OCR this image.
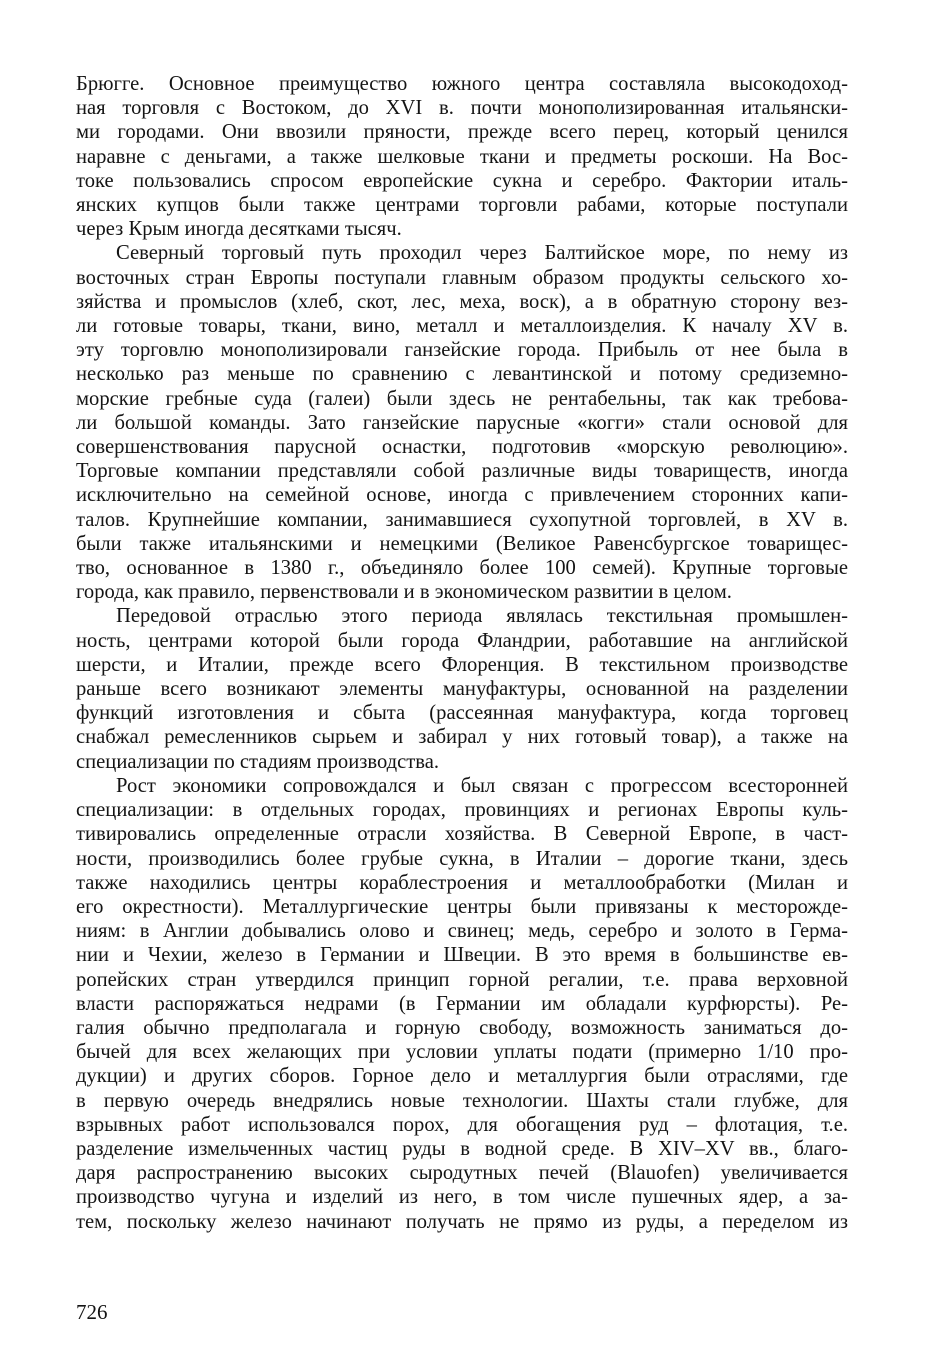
Брюгге. Основное преимущество южного центра составляла высокодоход-
ная торговля с Востоком, до XVI в. почти монополизированная итальянски-
ми городами. Они ввозили пряности, прежде всего перец, который ценился
наравне с деньгами, а также шелковые ткани и предметы роскоши. На Вос-
токе пользовались спросом европейские сукна и серебро. Фактории италь-
янских купцов были также центрами торговли рабами, которые поступали
через Крым иногда десятками тысяч.
Северный торговый путь проходил через Балтийское море, по нему из
восточных стран Европы поступали главным образом продукты сельского хо-
зяйства и промыслов (хлеб, скот, лес, меха, воск), а в обратную сторону вез-
ли готовые товары, ткани, вино, металл и металлоизделия. К началу XV в.
эту торговлю монополизировали ганзейские города. Прибыль от нее была в
несколько раз меньше по сравнению с левантинской и потому средиземно-
морские гребные суда (галеи) были здесь не рентабельны, так как требова-
ли большой команды. Зато ганзейские парусные «когги» стали основой для
совершенствования парусной оснастки, подготовив «морскую революцию».
Торговые компании представляли собой различные виды товариществ, иногда
исключительно на семейной основе, иногда с привлечением сторонних капи-
талов. Крупнейшие компании, занимавшиеся сухопутной торговлей, в XV в.
были также итальянскими и немецкими (Великое Равенсбургское товарищес-
тво, основанное в 1380 г., объединяло более 100 семей). Крупные торговые
города, как правило, первенствовали и в экономическом развитии в целом.
Передовой отраслью этого периода являлась текстильная промышлен-
ность, центрами которой были города Фландрии, работавшие на английской
шерсти, и Италии, прежде всего Флоренция. В текстильном производстве
раньше всего возникают элементы мануфактуры, основанной на разделении
функций изготовления и сбыта (рассеянная мануфактура, когда торговец
снабжал ремесленников сырьем и забирал у них готовый товар), а также на
специализации по стадиям производства.
Рост экономики сопровождался и был связан с прогрессом всесторонней
специализации: в отдельных городах, провинциях и регионах Европы куль-
тивировались определенные отрасли хозяйства. В Северной Европе, в част-
ности, производились более грубые сукна, в Италии – дорогие ткани, здесь
также находились центры кораблестроения и металлообработки (Милан и
его окрестности). Металлургические центры были привязаны к месторожде-
ниям: в Англии добывались олово и свинец; медь, серебро и золото в Герма-
нии и Чехии, железо в Германии и Швеции. В это время в большинстве ев-
ропейских стран утвердился принцип горной регалии, т.е. права верховной
власти распоряжаться недрами (в Германии им обладали курфюрсты). Ре-
галия обычно предполагала и горную свободу, возможность заниматься до-
бычей для всех желающих при условии уплаты подати (примерно 1/10 про-
дукции) и других сборов. Горное дело и металлургия были отраслями, где
в первую очередь внедрялись новые технологии. Шахты стали глубже, для
взрывных работ использовался порох, для обогащения руд – флотация, т.е.
разделение измельченных частиц руды в водной среде. В XIV–XV вв., благо-
даря распространению высоких сыродутных печей (Blauofen) увеличивается
производство чугуна и изделий из него, в том числе пушечных ядер, а за-
тем, поскольку железо начинают получать не прямо из руды, а переделом из
726
